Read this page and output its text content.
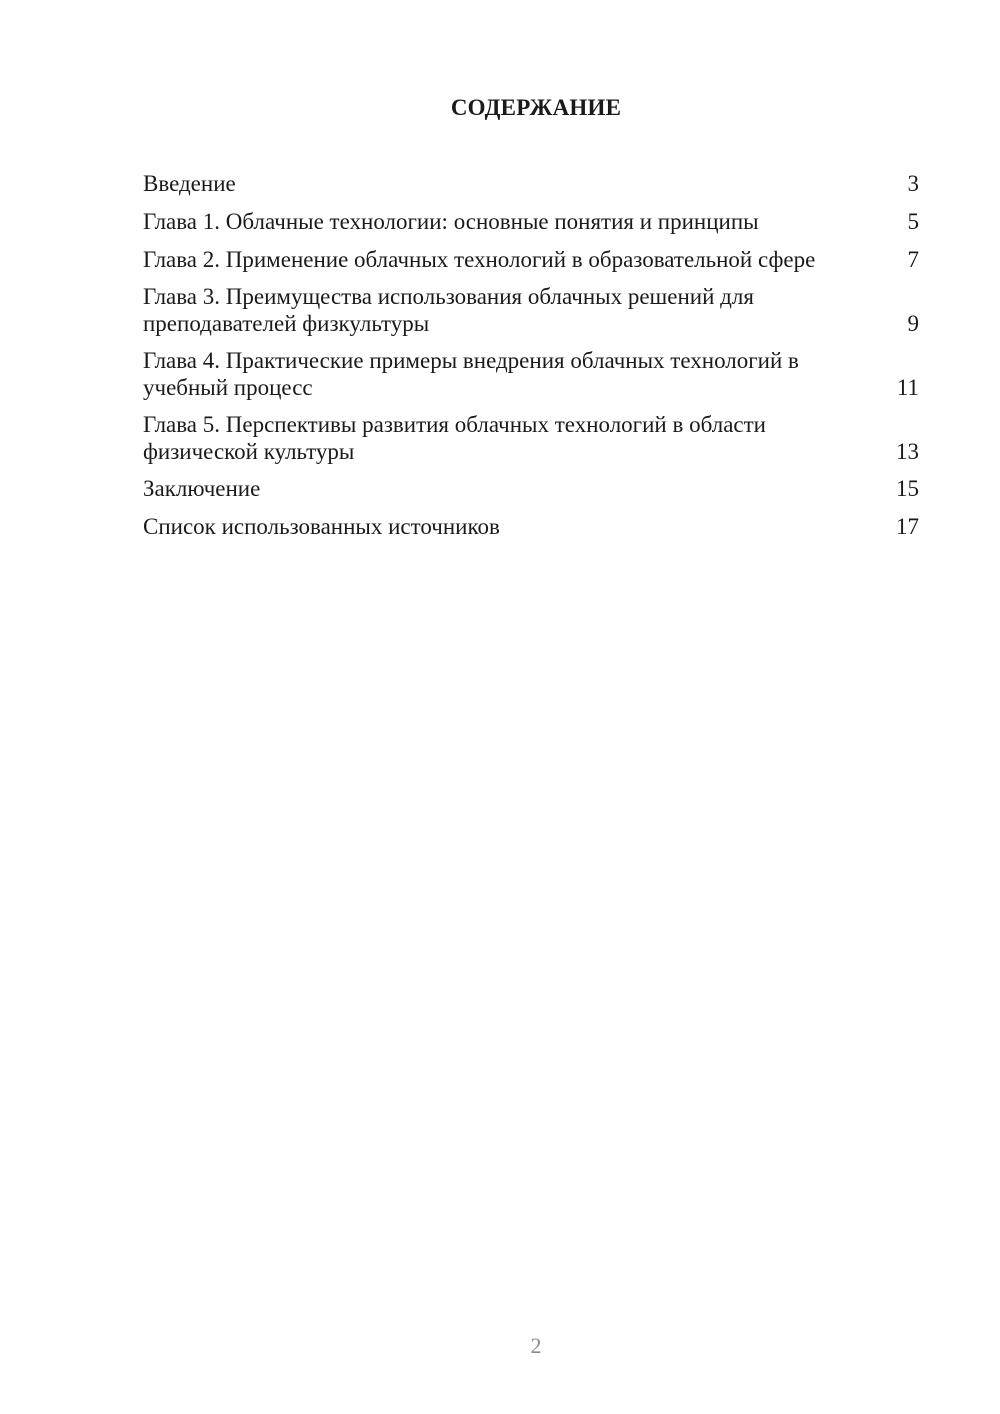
СОДЕРЖАНИЕ
Введение	3
Глава 1. Облачные технологии: основные понятия и принципы	5
Глава 2. Применение облачных технологий в образовательной сфере	7
Глава 3. Преимущества использования облачных решений для преподавателей физкультуры	9
Глава 4. Практические примеры внедрения облачных технологий в учебный процесс	11
Глава 5. Перспективы развития облачных технологий в области физической культуры	13
Заключение	15
Список использованных источников	17
2
